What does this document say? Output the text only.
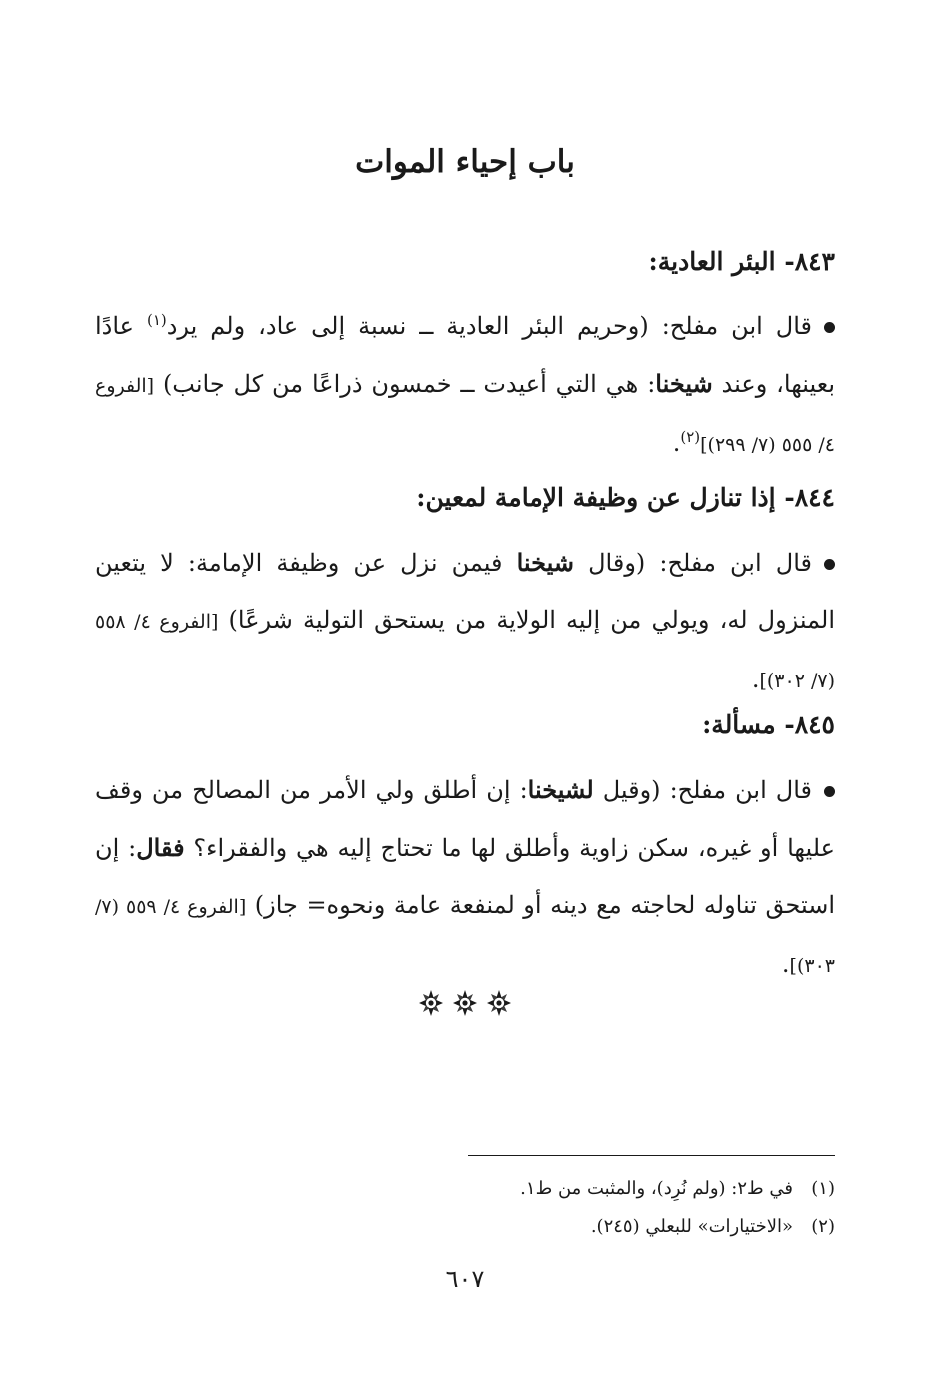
باب إحياء الموات
٨٤٣- البئر العادية:
قال ابن مفلح: (وحريم البئر العادية ــ نسبة إلى عاد، ولم يرد$^{(١)}$ عادًا بعينها، وعند شيخنا: هي التي أعيدت ــ خمسون ذراعًا من كل جانب) [الفروع ٤/ ٥٥٥ (٧/ ٢٩٩)]$^{(٢)}$.
٨٤٤- إذا تنازل عن وظيفة الإمامة لمعين:
قال ابن مفلح: (وقال شيخنا فيمن نزل عن وظيفة الإمامة: لا يتعين المنزول له، ويولي من إليه الولاية من يستحق التولية شرعًا) [الفروع ٤/ ٥٥٨ (٧/ ٣٠٢)].
٨٤٥- مسألة:
قال ابن مفلح: (وقيل لشيخنا: إن أطلق ولي الأمر من المصالح من وقف عليها أو غيره، سكن زاوية وأطلق لها ما تحتاج إليه هي والفقراء؟ فقال: إن استحق تناوله لحاجته مع دينه أو لمنفعة عامة ونحوه= جاز) [الفروع ٤/ ٥٥٩ (٧/ ٣٠٣)].
(١)
في ط٢: (ولم نُرِد)، والمثبت من ط١.
(٢)
«الاختيارات» للبعلي (٢٤٥).
٦٠٧
